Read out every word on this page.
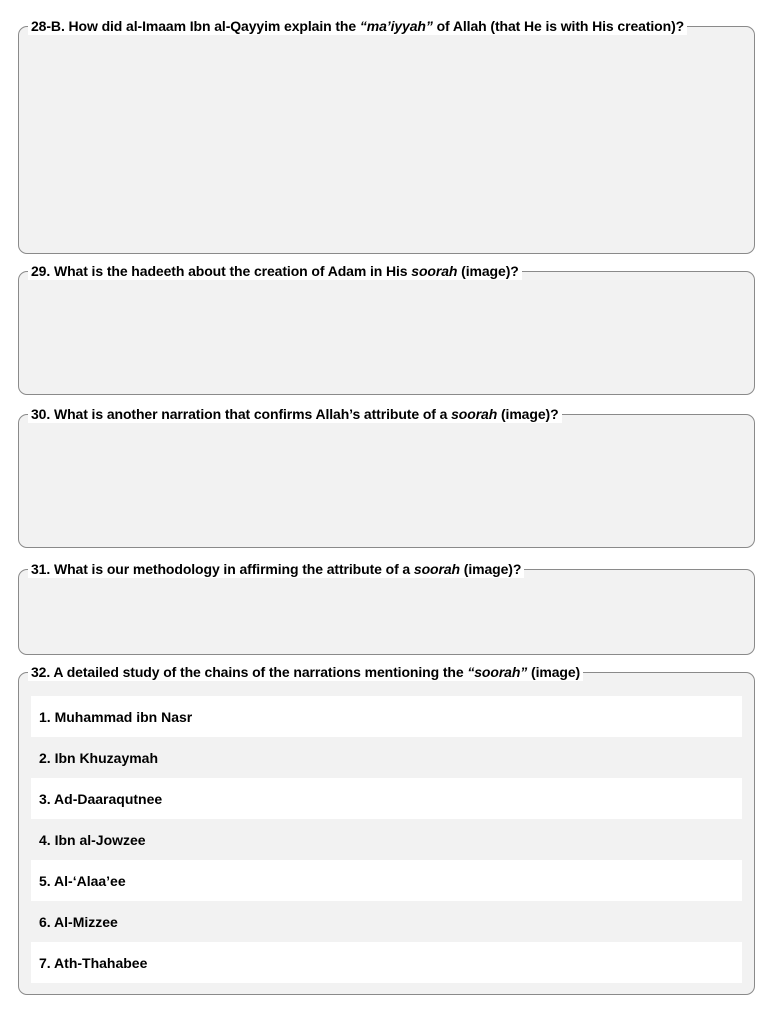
28-B. How did al-Imaam Ibn al-Qayyim explain the “ma’iyyah” of Allah (that He is with His creation)?
29. What is the hadeeth about the creation of Adam in His soorah (image)?
30. What is another narration that confirms Allah’s attribute of a soorah (image)?
31. What is our methodology in affirming the attribute of a soorah (image)?
32. A detailed study of the chains of the narrations mentioning the “soorah” (image)
1. Muhammad ibn Nasr
2. Ibn Khuzaymah
3. Ad-Daaraqutnee
4. Ibn al-Jowzee
5. Al-‘Alaa’ee
6. Al-Mizzee
7. Ath-Thahabee
